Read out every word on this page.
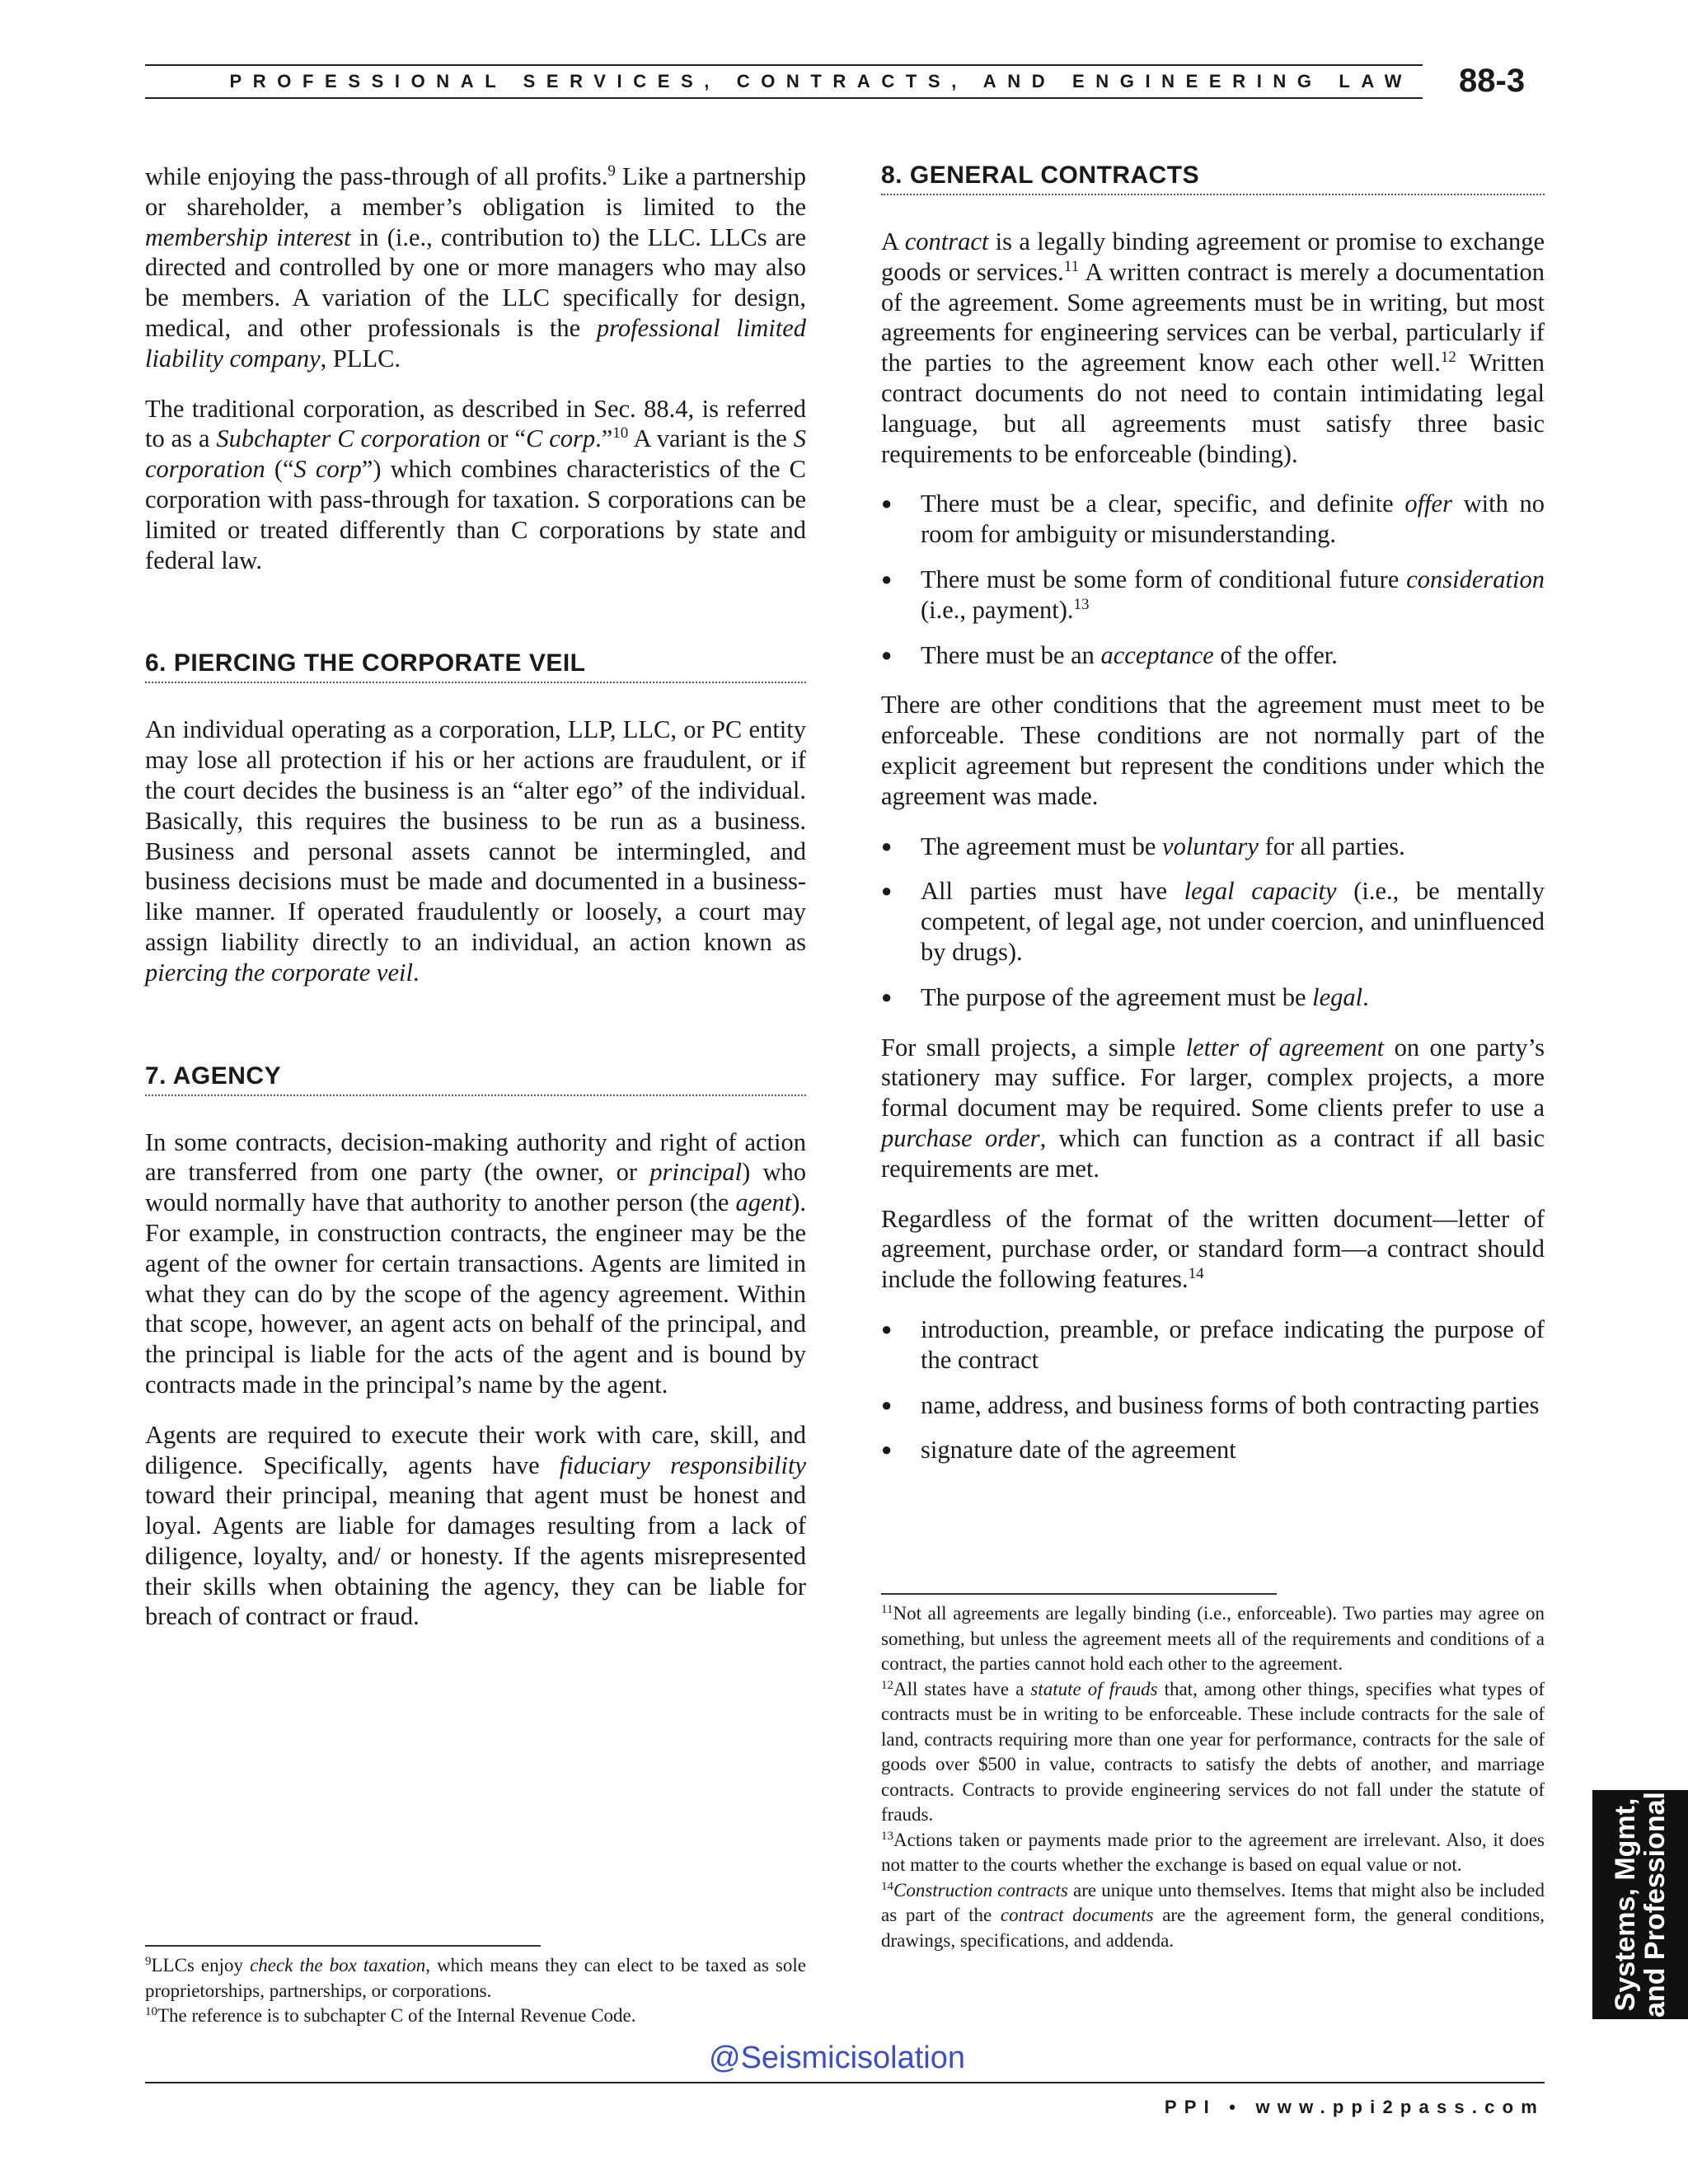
PROFESSIONAL SERVICES, CONTRACTS, AND ENGINEERING LAW 88-3

while enjoying the pass-through of all profits.$^9$ Like a partnership or shareholder, a member’s obligation is limited to the membership interest in (i.e., contribution to) the LLC. LLCs are directed and controlled by one or more managers who may also be members. A variation of the LLC specifically for design, medical, and other professionals is the professional limited liability company, PLLC.

The traditional corporation, as described in Sec. 88.4, is referred to as a Subchapter C corporation or “C corp.”$^{10}$ A variant is the S corporation (“S corp”) which combines characteristics of the C corporation with pass-through for taxation. S corporations can be limited or treated differently than C corporations by state and federal law.

6. PIERCING THE CORPORATE VEIL

An individual operating as a corporation, LLP, LLC, or PC entity may lose all protection if his or her actions are fraudulent, or if the court decides the business is an “alter ego” of the individual. Basically, this requires the business to be run as a business. Business and personal assets cannot be intermingled, and business decisions must be made and documented in a business-like manner. If operated fraudulently or loosely, a court may assign liability directly to an individual, an action known as piercing the corporate veil.

7. AGENCY

In some contracts, decision-making authority and right of action are transferred from one party (the owner, or principal) who would normally have that authority to another person (the agent). For example, in construction contracts, the engineer may be the agent of the owner for certain transactions. Agents are limited in what they can do by the scope of the agency agreement. Within that scope, however, an agent acts on behalf of the principal, and the principal is liable for the acts of the agent and is bound by contracts made in the principal’s name by the agent.

Agents are required to execute their work with care, skill, and diligence. Specifically, agents have fiduciary responsibility toward their principal, meaning that agent must be honest and loyal. Agents are liable for damages resulting from a lack of diligence, loyalty, and/ or honesty. If the agents misrepresented their skills when obtaining the agency, they can be liable for breach of contract or fraud.

8. GENERAL CONTRACTS

A contract is a legally binding agreement or promise to exchange goods or services.$^{11}$ A written contract is merely a documentation of the agreement. Some agreements must be in writing, but most agreements for engineering services can be verbal, particularly if the parties to the agreement know each other well.$^{12}$ Written contract documents do not need to contain intimidating legal language, but all agreements must satisfy three basic requirements to be enforceable (binding).

● There must be a clear, specific, and definite offer with no room for ambiguity or misunderstanding.
● There must be some form of conditional future consideration (i.e., payment).$^{13}$
● There must be an acceptance of the offer.

There are other conditions that the agreement must meet to be enforceable. These conditions are not normally part of the explicit agreement but represent the conditions under which the agreement was made.

● The agreement must be voluntary for all parties.
● All parties must have legal capacity (i.e., be mentally competent, of legal age, not under coercion, and uninfluenced by drugs).
● The purpose of the agreement must be legal.

For small projects, a simple letter of agreement on one party’s stationery may suffice. For larger, complex projects, a more formal document may be required. Some clients prefer to use a purchase order, which can function as a contract if all basic requirements are met.

Regardless of the format of the written document—letter of agreement, purchase order, or standard form—a contract should include the following features.$^{14}$

● introduction, preamble, or preface indicating the purpose of the contract
● name, address, and business forms of both contracting parties
● signature date of the agreement
$^9$LLCs enjoy check the box taxation, which means they can elect to be taxed as sole proprietorships, partnerships, or corporations.
$^{10}$The reference is to subchapter C of the Internal Revenue Code.
$^{11}$Not all agreements are legally binding (i.e., enforceable). Two parties may agree on something, but unless the agreement meets all of the requirements and conditions of a contract, the parties cannot hold each other to the agreement.
$^{12}$All states have a statute of frauds that, among other things, specifies what types of contracts must be in writing to be enforceable. These include contracts for the sale of land, contracts requiring more than one year for performance, contracts for the sale of goods over $500 in value, contracts to satisfy the debts of another, and marriage contracts. Contracts to provide engineering services do not fall under the statute of frauds.
$^{13}$Actions taken or payments made prior to the agreement are irrelevant. Also, it does not matter to the courts whether the exchange is based on equal value or not.
$^{14}$Construction contracts are unique unto themselves. Items that might also be included as part of the contract documents are the agreement form, the general conditions, drawings, specifications, and addenda.
@Seismicisolation
PPI • www.ppi2pass.com
Systems, Mgmt,
and Professional
